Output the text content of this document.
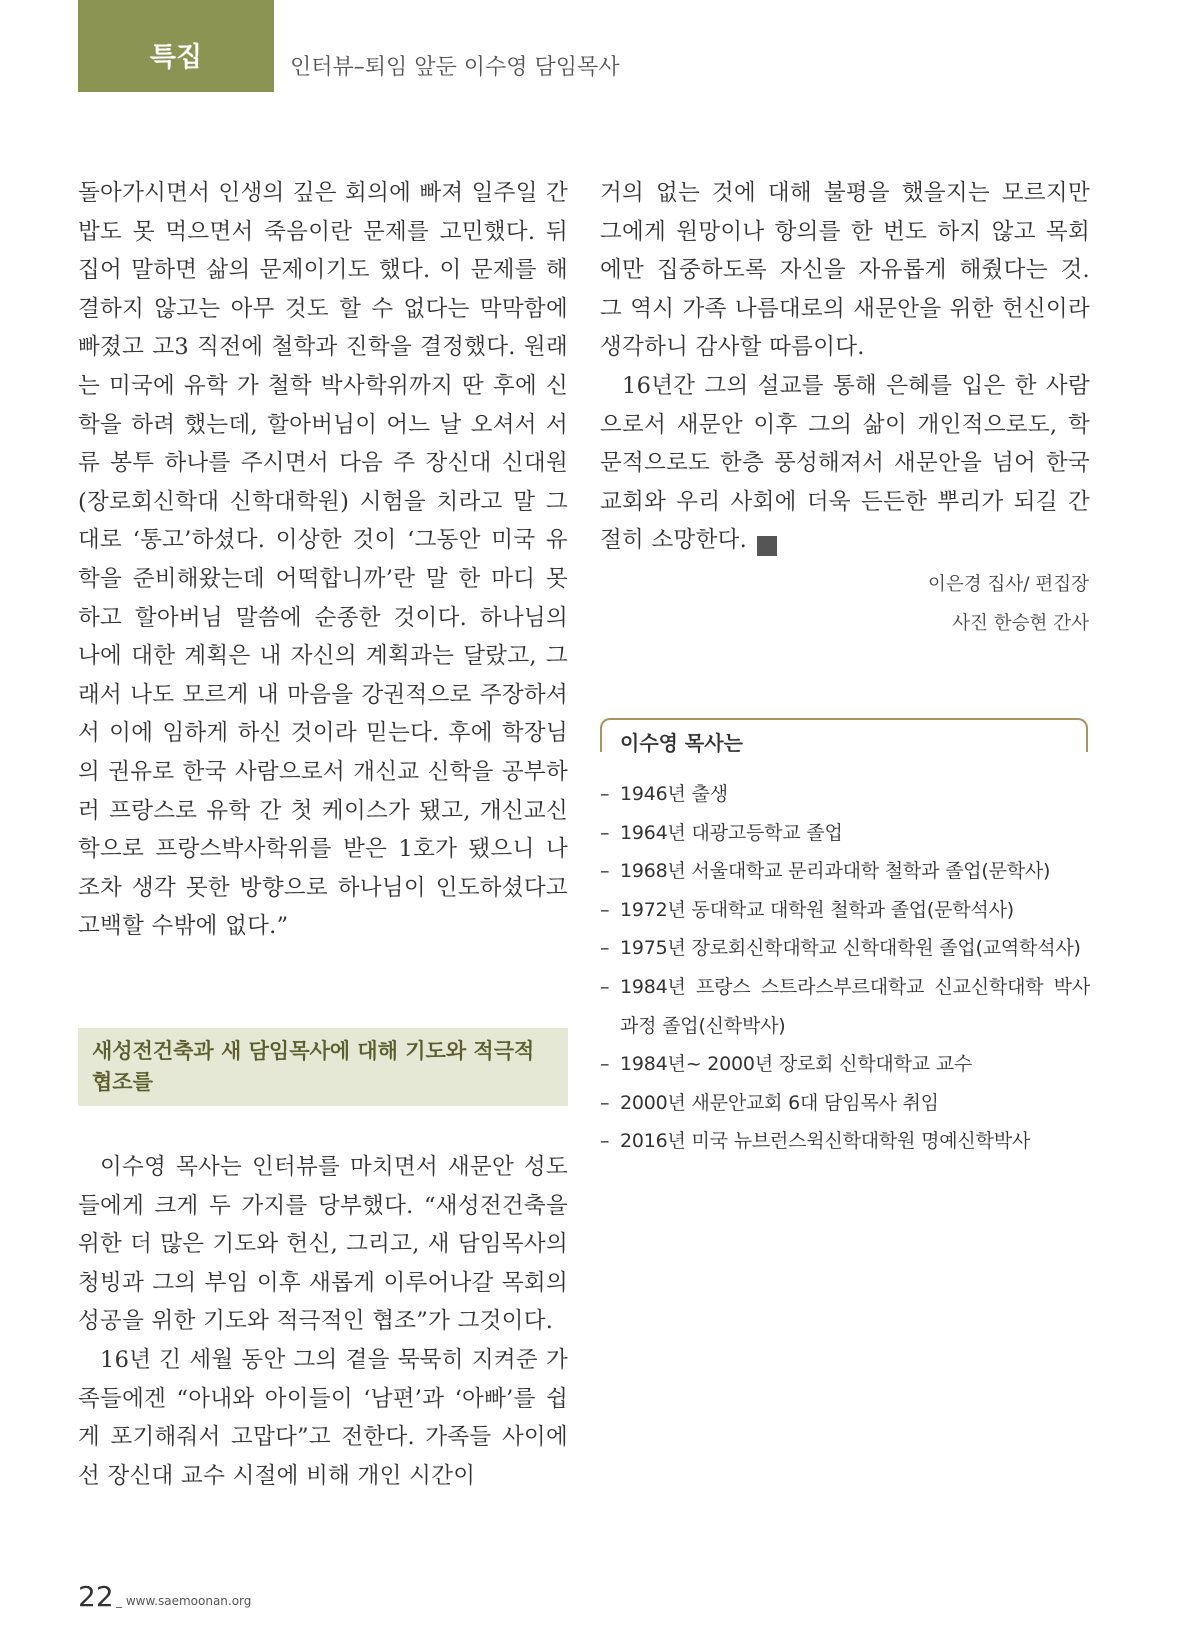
특집	인터뷰–퇴임 앞둔 이수영 담임목사

돌아가시면서 인생의 깊은 회의에 빠져 일주일 간 밥도 못 먹으면서 죽음이란 문제를 고민했다. 뒤집어 말하면 삶의 문제이기도 했다. 이 문제를 해결하지 않고는 아무 것도 할 수 없다는 막막함에 빠졌고 고3 직전에 철학과 진학을 결정했다. 원래는 미국에 유학 가 철학 박사학위까지 딴 후에 신학을 하려 했는데, 할아버님이 어느 날 오셔서 서류 봉투 하나를 주시면서 다음 주 장신대 신대원(장로회신학대 신학대학원) 시험을 치라고 말 그대로 ‘통고’하셨다. 이상한 것이 ‘그동안 미국 유학을 준비해왔는데 어떡합니까’란 말 한 마디 못하고 할아버님 말씀에 순종한 것이다. 하나님의 나에 대한 계획은 내 자신의 계획과는 달랐고, 그래서 나도 모르게 내 마음을 강권적으로 주장하셔서 이에 임하게 하신 것이라 믿는다. 후에 학장님의 권유로 한국 사람으로서 개신교 신학을 공부하러 프랑스로 유학 간 첫 케이스가 됐고, 개신교신학으로 프랑스박사학위를 받은 1호가 됐으니 나조차 생각 못한 방향으로 하나님이 인도하셨다고 고백할 수밖에 없다.”

새성전건축과 새 담임목사에 대해 기도와 적극적 협조를

이수영 목사는 인터뷰를 마치면서 새문안 성도들에게 크게 두 가지를 당부했다. “새성전건축을 위한 더 많은 기도와 헌신, 그리고, 새 담임목사의 청빙과 그의 부임 이후 새롭게 이루어나갈 목회의 성공을 위한 기도와 적극적인 협조”가 그것이다.

16년 긴 세월 동안 그의 곁을 묵묵히 지켜준 가족들에겐 “아내와 아이들이 ‘남편’과 ‘아빠’를 쉽게 포기해줘서 고맙다”고 전한다. 가족들 사이에선 장신대 교수 시절에 비해 개인 시간이

거의 없는 것에 대해 불평을 했을지는 모르지만 그에게 원망이나 항의를 한 번도 하지 않고 목회에만 집중하도록 자신을 자유롭게 해줬다는 것. 그 역시 가족 나름대로의 새문안을 위한 헌신이라 생각하니 감사할 따름이다.

16년간 그의 설교를 통해 은혜를 입은 한 사람으로서 새문안 이후 그의 삶이 개인적으로도, 학문적으로도 한층 풍성해져서 새문안을 넘어 한국 교회와 우리 사회에 더욱 든든한 뿌리가 되길 간절히 소망한다. 새

이은경 집사/ 편집장
사진 한승현 간사
이수영 목사는
– 1946년 출생
– 1964년 대광고등학교 졸업
– 1968년 서울대학교 문리과대학 철학과 졸업(문학사)
– 1972년 동대학교 대학원 철학과 졸업(문학석사)
– 1975년 장로회신학대학교 신학대학원 졸업(교역학석사)
– 1984년 프랑스 스트라스부르대학교 신교신학대학 박사과정 졸업(신학박사)
– 1984년~ 2000년 장로회 신학대학교 교수
– 2000년 새문안교회 6대 담임목사 취임
– 2016년 미국 뉴브런스윅신학대학원 명예신학박사
22 _ www.saemoonan.org
